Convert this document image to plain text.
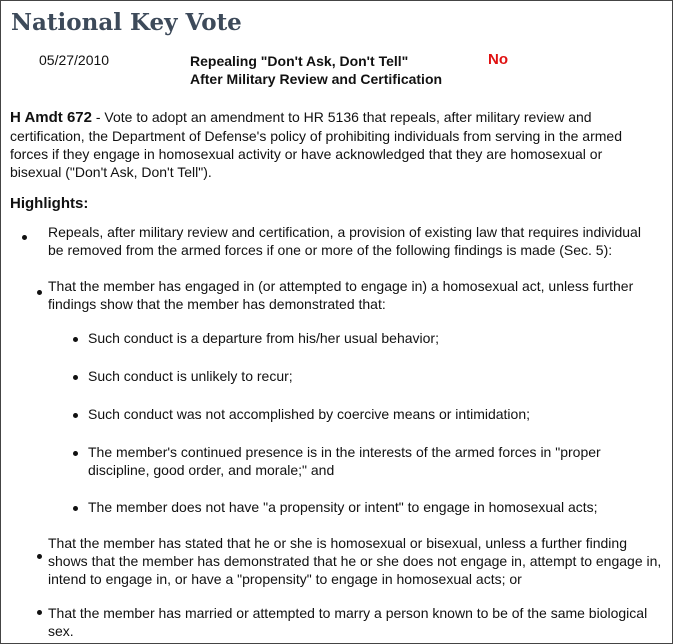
National Key Vote
05/27/2010	Repealing "Don't Ask, Don't Tell"
After Military Review and Certification
No

H Amdt 672 - Vote to adopt an amendment to HR 5136 that repeals, after military review and certification, the Department of Defense's policy of prohibiting individuals from serving in the armed forces if they engage in homosexual activity or have acknowledged that they are homosexual or bisexual ("Don't Ask, Don't Tell").

Highlights:

Repeals, after military review and certification, a provision of existing law that requires individual be removed from the armed forces if one or more of the following findings is made (Sec. 5):

That the member has engaged in (or attempted to engage in) a homosexual act, unless further findings show that the member has demonstrated that:

Such conduct is a departure from his/her usual behavior;

Such conduct is unlikely to recur;

Such conduct was not accomplished by coercive means or intimidation;

The member's continued presence is in the interests of the armed forces in "proper discipline, good order, and morale;" and

The member does not have "a propensity or intent" to engage in homosexual acts;

That the member has stated that he or she is homosexual or bisexual, unless a further finding shows that the member has demonstrated that he or she does not engage in, attempt to engage in, intend to engage in, or have a "propensity" to engage in homosexual acts; or

That the member has married or attempted to marry a person known to be of the same biological sex.
